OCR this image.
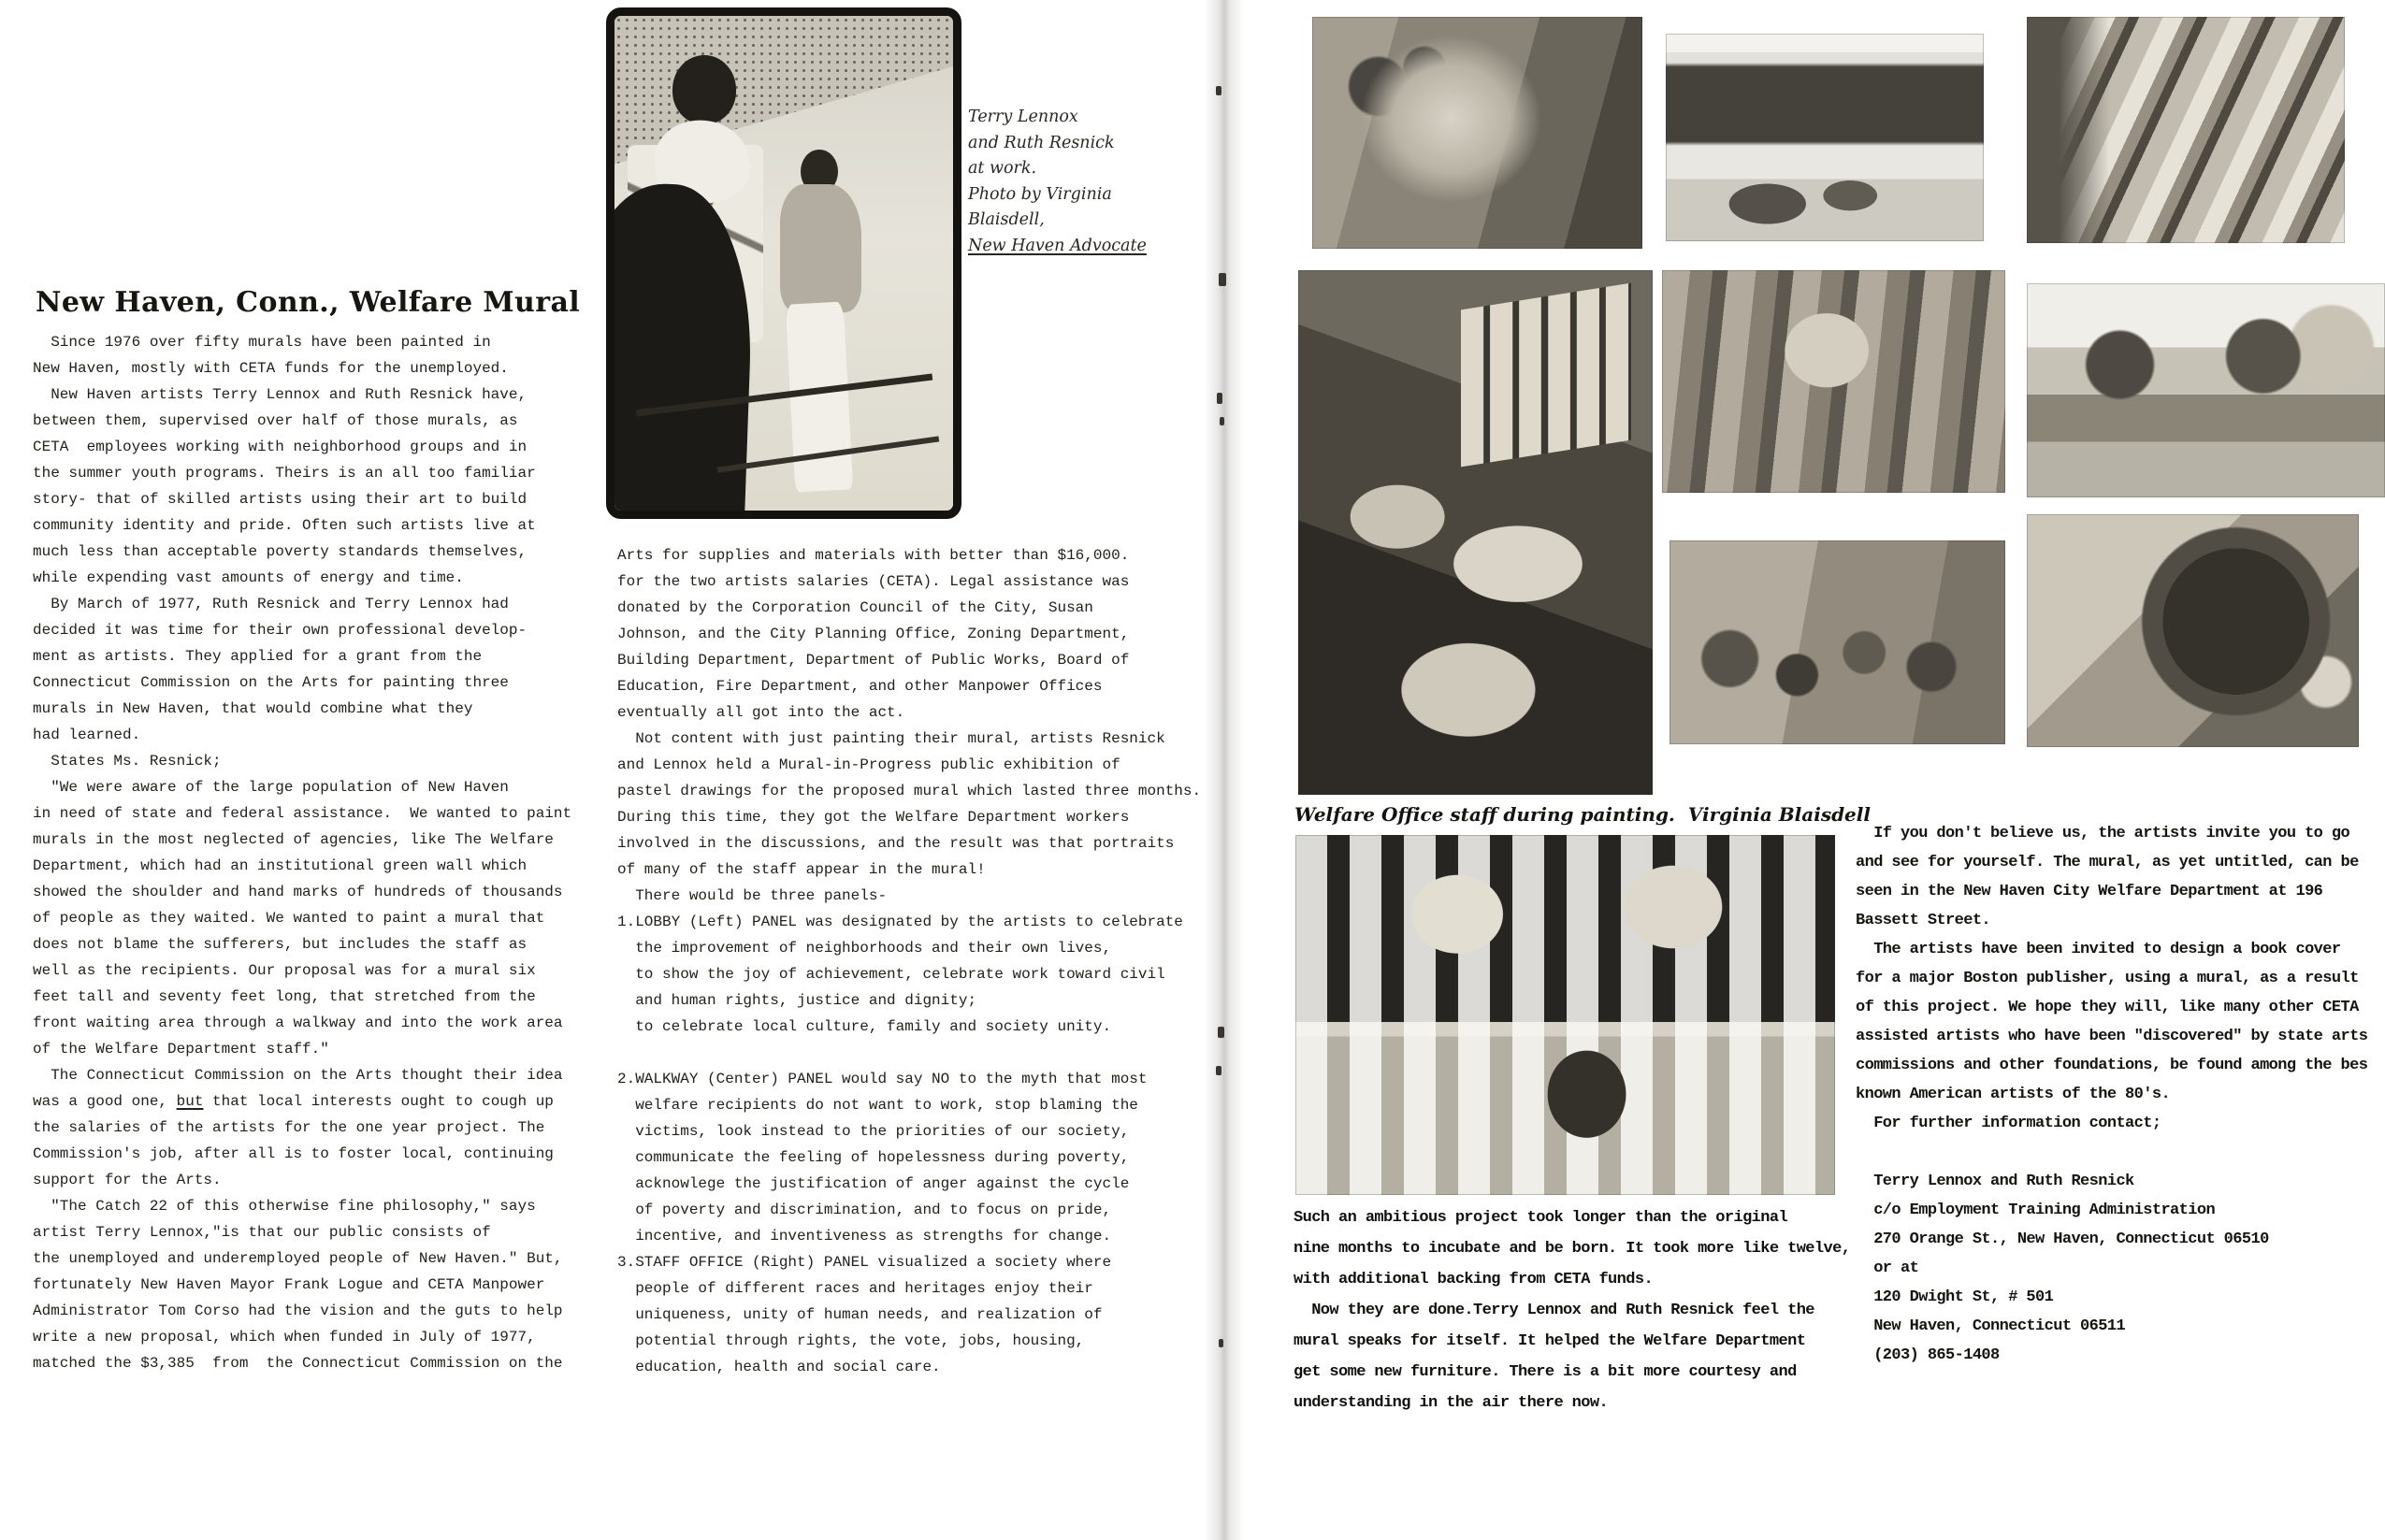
New Haven, Conn., Welfare Mural
Since 1976 over fifty murals have been painted in
New Haven, mostly with CETA funds for the unemployed.
New Haven artists Terry Lennox and Ruth Resnick have,
between them, supervised over half of those murals, as
CETA  employees working with neighborhood groups and in
the summer youth programs. Theirs is an all too familiar
story- that of skilled artists using their art to build
community identity and pride. Often such artists live at
much less than acceptable poverty standards themselves,
while expending vast amounts of energy and time.
By March of 1977, Ruth Resnick and Terry Lennox had
decided it was time for their own professional develop-
ment as artists. They applied for a grant from the
Connecticut Commission on the Arts for painting three
murals in New Haven, that would combine what they
had learned.
States Ms. Resnick;
"We were aware of the large population of New Haven
in need of state and federal assistance.  We wanted to paint
murals in the most neglected of agencies, like The Welfare
Department, which had an institutional green wall which
showed the shoulder and hand marks of hundreds of thousands
of people as they waited. We wanted to paint a mural that
does not blame the sufferers, but includes the staff as
well as the recipients. Our proposal was for a mural six
feet tall and seventy feet long, that stretched from the
front waiting area through a walkway and into the work area
of the Welfare Department staff."
The Connecticut Commission on the Arts thought their idea
was a good one, but that local interests ought to cough up
the salaries of the artists for the one year project. The
Commission's job, after all is to foster local, continuing
support for the Arts.
"The Catch 22 of this otherwise fine philosophy," says
artist Terry Lennox,"is that our public consists of
the unemployed and underemployed people of New Haven." But,
fortunately New Haven Mayor Frank Logue and CETA Manpower
Administrator Tom Corso had the vision and the guts to help
write a new proposal, which when funded in July of 1977,
matched the $3,385  from  the Connecticut Commission on the
Arts for supplies and materials with better than $16,000.
for the two artists salaries (CETA). Legal assistance was
donated by the Corporation Council of the City, Susan
Johnson, and the City Planning Office, Zoning Department,
Building Department, Department of Public Works, Board of
Education, Fire Department, and other Manpower Offices
eventually all got into the act.
Not content with just painting their mural, artists Resnick
and Lennox held a Mural-in-Progress public exhibition of
pastel drawings for the proposed mural which lasted three months.
During this time, they got the Welfare Department workers
involved in the discussions, and the result was that portraits
of many of the staff appear in the mural!
There would be three panels-
1.LOBBY (Left) PANEL was designated by the artists to celebrate
the improvement of neighborhoods and their own lives,
to show the joy of achievement, celebrate work toward civil
and human rights, justice and dignity;
to celebrate local culture, family and society unity.

2.WALKWAY (Center) PANEL would say NO to the myth that most
welfare recipients do not want to work, stop blaming the
victims, look instead to the priorities of our society,
communicate the feeling of hopelessness during poverty,
acknowlege the justification of anger against the cycle
of poverty and discrimination, and to focus on pride,
incentive, and inventiveness as strengths for change.
3.STAFF OFFICE (Right) PANEL visualized a society where
people of different races and heritages enjoy their
uniqueness, unity of human needs, and realization of
potential through rights, the vote, jobs, housing,
education, health and social care.
Terry Lennox
and Ruth Resnick
at work.
Photo by Virginia
Blaisdell,
New Haven Advocate
Welfare Office staff during painting.  Virginia Blaisdell
If you don't believe us, the artists invite you to go
and see for yourself. The mural, as yet untitled, can be
seen in the New Haven City Welfare Department at 196
Bassett Street.
The artists have been invited to design a book cover
for a major Boston publisher, using a mural, as a result
of this project. We hope they will, like many other CETA
assisted artists who have been "discovered" by state arts
commissions and other foundations, be found among the bes
known American artists of the 80's.
For further information contact;

Terry Lennox and Ruth Resnick
c/o Employment Training Administration
270 Orange St., New Haven, Connecticut 06510
or at
120 Dwight St, # 501
New Haven, Connecticut 06511
(203) 865-1408
Such an ambitious project took longer than the original
nine months to incubate and be born. It took more like twelve,
with additional backing from CETA funds.
Now they are done.Terry Lennox and Ruth Resnick feel the
mural speaks for itself. It helped the Welfare Department
get some new furniture. There is a bit more courtesy and
understanding in the air there now.
